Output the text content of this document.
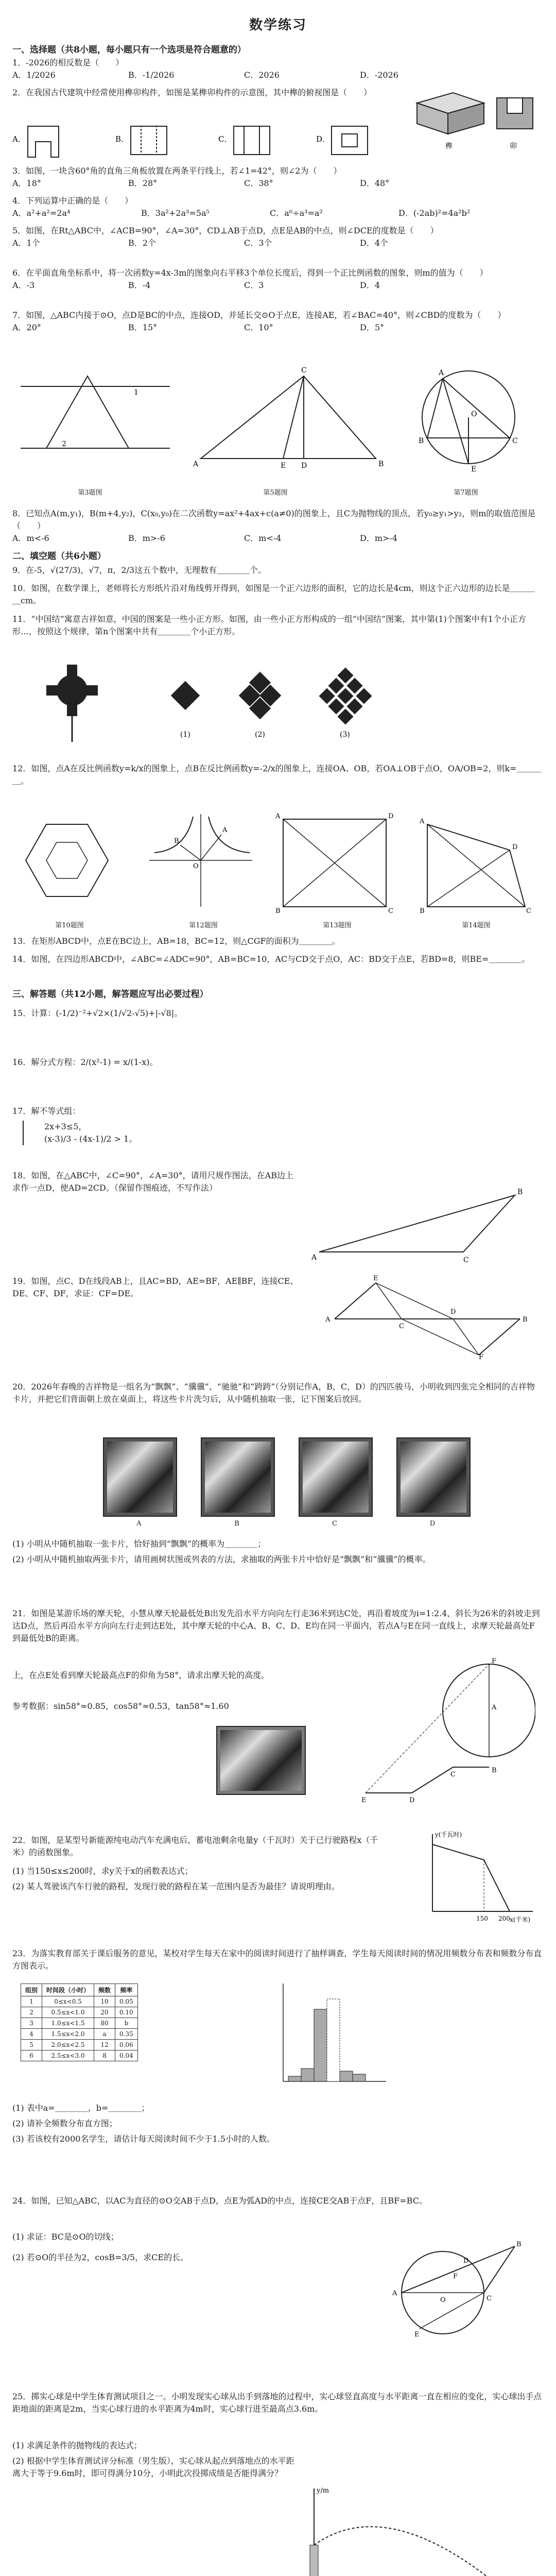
数学练习
一、选择题（共8小题，每小题只有一个选项是符合题意的）
1．-2026的相反数是（　　）
A．1/2026	B．-1/2026	C．2026	D．-2026
2．在我国古代建筑中经常使用榫卯构件，如图是某榫卯构件的示意图，其中榫的俯视图是（　　）
A．	B．	C．	D．
榫	卯
3．如图，一块含60°角的直角三角板放置在两条平行线上，若∠1=42°，则∠2为（　　）
A．18°	B．28°	C．38°	D．48°
4．下列运算中正确的是（　　）
A．a²+a²=2a⁴	B．3a²+2a³=5a⁵	C．a⁶÷a³=a²	D．(-2ab)²=4a²b²
5．如图，在Rt△ABC中，∠ACB=90°，∠A=30°，CD⊥AB于点D，点E是AB的中点，则∠DCE的度数是（　　）
A．1个	B．2个	C．3个	D．4个
6．在平面直角坐标系中，将一次函数y=4x-3m的图象向右平移3个单位长度后，得到一个正比例函数的图象，则m的值为（　　）
A．-3	B．-4	C．3	D．4
7．如图，△ABC内接于⊙O，点D是BC的中点，连接OD，并延长交⊙O于点E，连接AE，若∠BAC=40°，则∠CBD的度数为（　　）
A．20°	B．15°	C．10°	D．5°
1
2
A	B
C
D
E
A
B	C
O
E
第3题图	第5题图	第7题图
8．已知点A(m,y₁)，B(m+4,y₂)，C(x₀,y₀)在二次函数y=ax²+4ax+c(a≠0)的图象上，且C为抛物线的顶点，若y₀≥y₁>y₂，则m的取值范围是（　　）
A．m<-6	B．m>-6	C．m<-4	D．m>-4
二、填空题（共6小题）
9．在-5，√(27/3)，√7，π，2/3这五个数中，无理数有＿＿＿＿个。
10．如图，在数学课上，老师将长方形纸片沿对角线剪开得到，如图是一个正六边形的面积，它的边长是4cm，则这个正六边形的边长是＿＿＿＿cm。
11．“中国结”寓意吉祥如意，中国的图案是一些小正方形。如图，由一些小正方形构成的一组“中国结”图案，其中第(1)个图案中有1个小正方形…，按照这个规律，第n个图案中共有＿＿＿＿个小正方形。
(1)	(2)	(3)
12．如图，点A在反比例函数y=k/x的图象上，点B在反比例函数y=-2/x的图象上，连接OA、OB，若OA⊥OB于点O，OA/OB=2，则k=＿＿＿＿。
A
B
O
A	D
B	C
A
B	C
D
第10题图	第12题图	第13题图	第14题图
13．在矩形ABCD中，点E在BC边上，AB=18，BC=12，则△CGF的面积为＿＿＿＿。
14．如图，在四边形ABCD中，∠ABC=∠ADC=90°，AB=BC=10，AC与CD交于点O，AC：BD交于点E，若BD=8，则BE=＿＿＿＿。
三、解答题（共12小题，解答题应写出必要过程）
15．计算：(-1/2)⁻²+√2×(1/√2-√5)+|-√8|。
16．解分式方程：2/(x²-1) = x/(1-x)。
17．解不等式组：
2x+3≤5，
(x-3)/3 - (4x-1)/2 > 1。
18．如图，在△ABC中，∠C=90°，∠A=30°，请用尺规作图法，在AB边上求作一点D，使AD=2CD。（保留作图痕迹，不写作法）
A
B
C
19．如图，点C、D在线段AB上，且AC=BD，AE=BF，AE∥BF，连接CE、DE、CF、DF，求证：CF=DE。
A	B
C
D
E
F
20．2026年春晚的吉祥物是一组名为“飘飘”、“骥骥”、“驰驰”和“跨跨”（分别记作A，B，C，D）的四匹骏马，小明收到四张完全相同的吉祥物卡片，并把它们背面朝上放在桌面上，将这些卡片洗匀后，从中随机抽取一张，记下图案后放回。
A	B	C	D
(1) 小明从中随机抽取一张卡片，恰好抽到“飘飘”的概率为＿＿＿＿；
(2) 小明从中随机抽取两张卡片，请用画树状图或列表的方法，求抽取的两张卡片中恰好是“飘飘”和“骥骥”的概率。
21．如图是某游乐场的摩天轮，小慧从摩天轮最低处B出发先沿水平方向向左行走36米到达C处，再沿着坡度为i=1:2.4，斜长为26米的斜坡走到达D点，然后再沿水平方向向左行走到达E处，其中摩天轮的中心A、B、C、D、E均在同一平面内，若点A与E在同一直线上，求摩天轮最高处F到最低处B的距离。
上，在点E处看到摩天轮最高点F的仰角为58°，请求出摩天轮的高度。
参考数据：sin58°≈0.85，cos58°≈0.53，tan58°≈1.60	A
B
C
D
E
F
22．如图，是某型号新能源纯电动汽车充满电后，蓄电池剩余电量y（千瓦时）关于已行驶路程x（千米）的函数图象。
(1) 当150≤x≤200时，求y关于x的函数表达式；
(2) 某人驾驶该汽车行驶的路程，发现行驶的路程在某一范围内是否为最佳？请说明理由。
y(千瓦时)
x(千米)
150 200
23．为落实教育部关于课后服务的意见，某校对学生每天在家中的阅读时间进行了抽样调查，学生每天阅读时间的情况用频数分布表和频数分布直方图表示。
组别	时间段（小时）	频数	频率
1	0≤x<0.5	10	0.05
2	0.5≤x<1.0	20	0.10
3	1.0≤x<1.5	80	b
4	1.5≤x<2.0	a	0.35
5	2.0≤x<2.5	12	0.06
6	2.5≤x<3.0	8	0.04
(1) 表中a=＿＿＿＿，b=＿＿＿＿；
(2) 请补全频数分布直方图；
(3) 若该校有2000名学生，请估计每天阅读时间不少于1.5小时的人数。
24．如图，已知△ABC，以AC为直径的⊙O交AB于点D，点E为弧AD的中点，连接CE交AB于点F，且BF=BC。
(1) 求证：BC是⊙O的切线；
(2) 若⊙O的半径为2，cosB=3/5，求CE的长。
A
B
C
D
E
F
O
25．掷实心球是中学生体育测试项目之一。小明发现实心球从出手到落地的过程中，实心球竖直高度与水平距离一直在相应的变化，实心球出手点距地面的距离是2m，当实心球行进的水平距离为4m时，实心球行进至最高点3.6m。
(1) 求满足条件的抛物线的表达式；
(2) 根据中学生体育测试评分标准（男生版），实心球从起点到落地点的水平距离大于等于9.6m时，即可得满分10分，小明此次投掷成绩是否能得满分？
y/m
